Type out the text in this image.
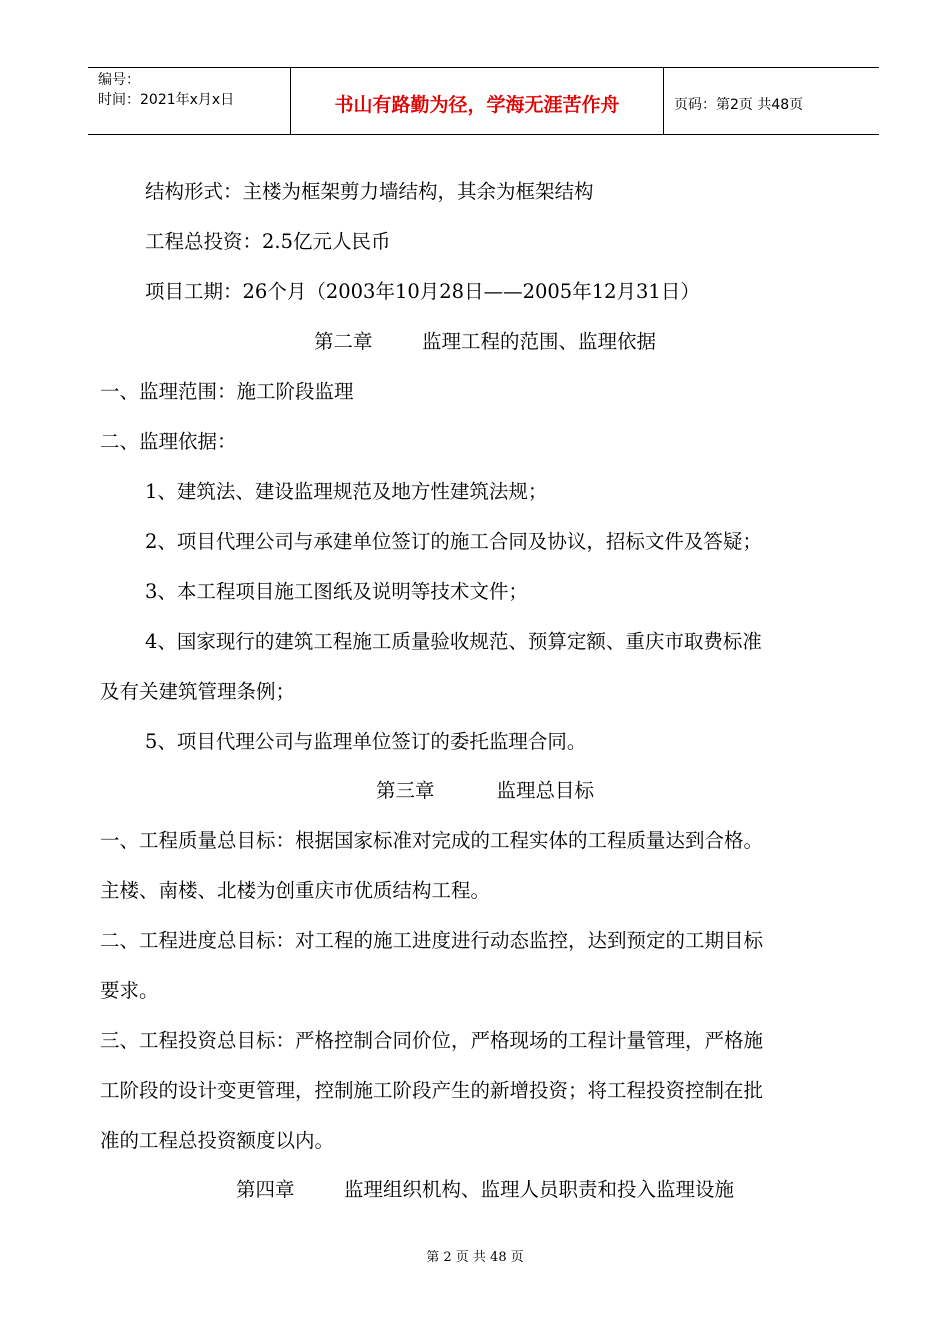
编号：
时间：2021年x月x日	书山有路勤为径，学海无涯苦作舟	页码：第2页 共48页
结构形式：主楼为框架剪力墙结构，其余为框架结构
工程总投资：2.5亿元人民币
项目工期：26个月（2003年10月28日——2005年12月31日）
第二章        监理工程的范围、监理依据
一、监理范围：施工阶段监理
二、监理依据：
1、建筑法、建设监理规范及地方性建筑法规；
2、项目代理公司与承建单位签订的施工合同及协议，招标文件及答疑；
3、本工程项目施工图纸及说明等技术文件；
4、国家现行的建筑工程施工质量验收规范、预算定额、重庆市取费标准
及有关建筑管理条例；
5、项目代理公司与监理单位签订的委托监理合同。
第三章          监理总目标
一、工程质量总目标：根据国家标准对完成的工程实体的工程质量达到合格。
主楼、南楼、北楼为创重庆市优质结构工程。
二、工程进度总目标：对工程的施工进度进行动态监控，达到预定的工期目标
要求。
三、工程投资总目标：严格控制合同价位，严格现场的工程计量管理，严格施
工阶段的设计变更管理，控制施工阶段产生的新增投资；将工程投资控制在批
准的工程总投资额度以内。
第四章        监理组织机构、监理人员职责和投入监理设施
第 2 页 共 48 页
